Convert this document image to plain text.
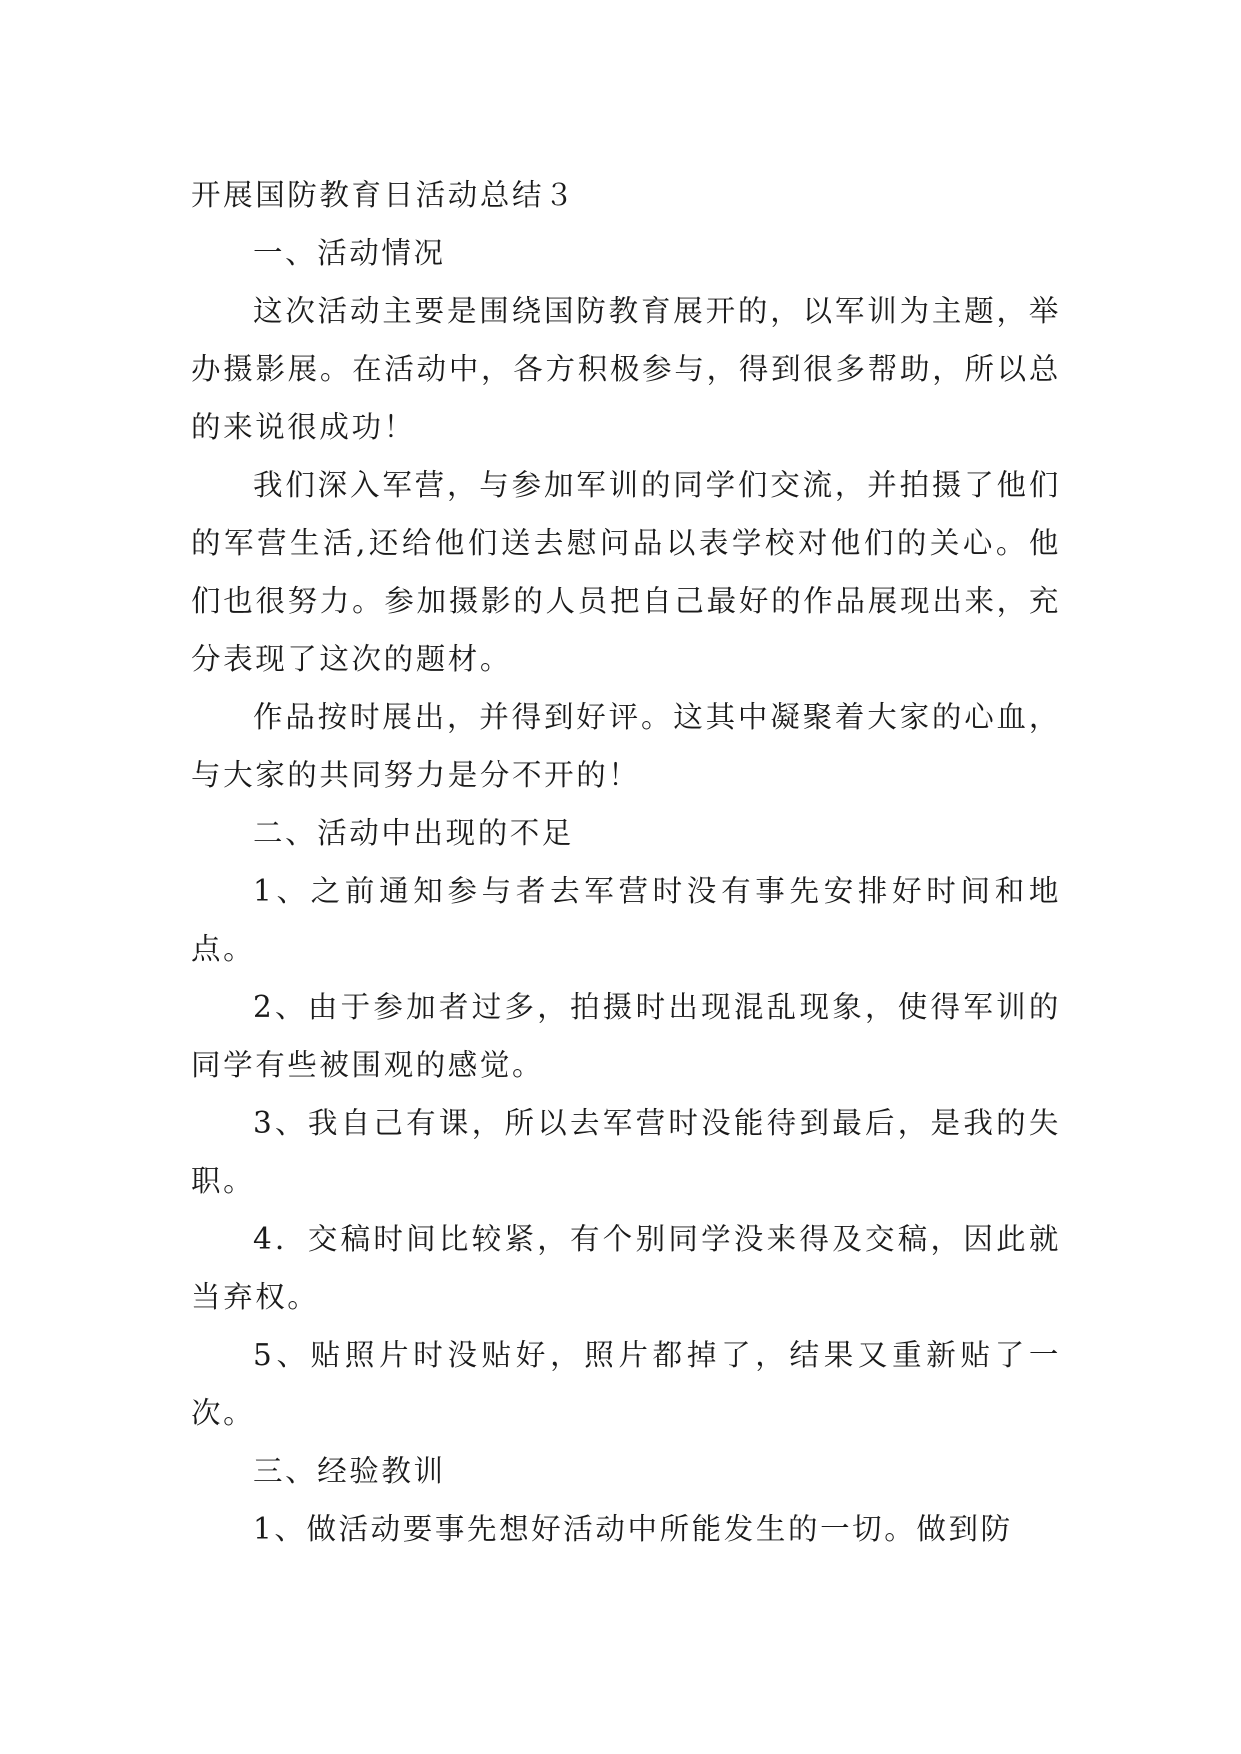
开展国防教育日活动总结３

一、活动情况

这次活动主要是围绕国防教育展开的，以军训为主题，举办摄影展。在活动中，各方积极参与，得到很多帮助，所以总的来说很成功！

我们深入军营，与参加军训的同学们交流，并拍摄了他们的军营生活,还给他们送去慰问品以表学校对他们的关心。他们也很努力。参加摄影的人员把自己最好的作品展现出来，充分表现了这次的题材。

作品按时展出，并得到好评。这其中凝聚着大家的心血，与大家的共同努力是分不开的！

二、活动中出现的不足

1、之前通知参与者去军营时没有事先安排好时间和地点。

2、由于参加者过多，拍摄时出现混乱现象，使得军训的同学有些被围观的感觉。

3、我自己有课，所以去军营时没能待到最后，是我的失职。

4．交稿时间比较紧，有个别同学没来得及交稿，因此就当弃权。

5、贴照片时没贴好，照片都掉了，结果又重新贴了一次。

三、经验教训

1、做活动要事先想好活动中所能发生的一切。做到防
